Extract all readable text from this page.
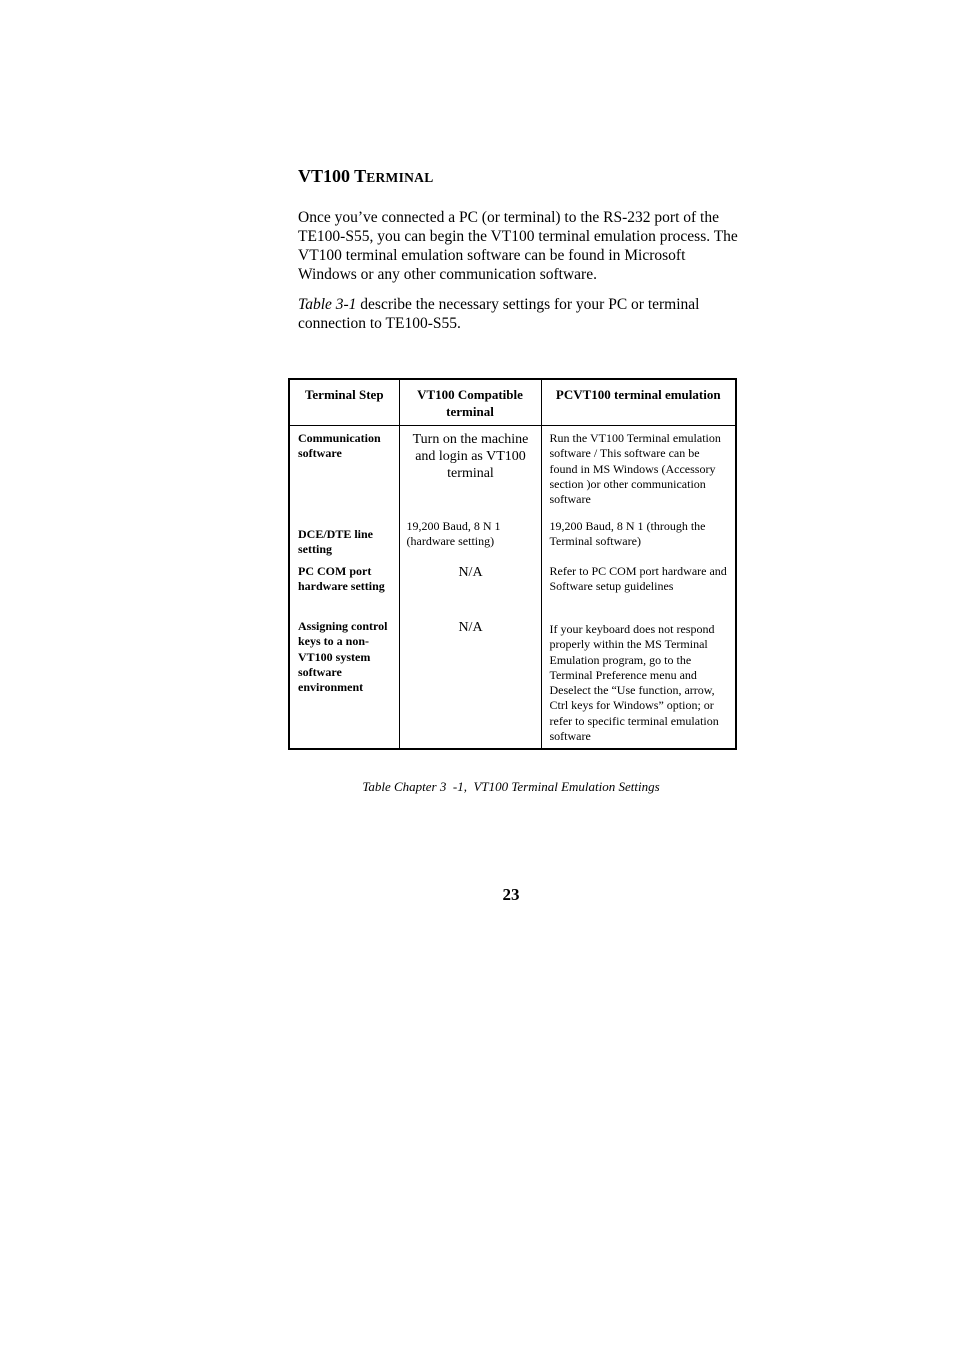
VT100 TERMINAL

Once you’ve connected a PC (or terminal) to the RS-232 port of the TE100-S55, you can begin the VT100 terminal emulation process. The VT100 terminal emulation software can be found in Microsoft Windows or any other communication software.

Table 3-1 describe the necessary settings for your PC or terminal connection to TE100-S55.

Terminal Step	VT100 Compatible terminal	PCVT100 terminal emulation
Communication software	Turn on the machine and login as VT100 terminal	Run the VT100 Terminal emulation software / This software can be found in MS Windows (Accessory section )or other communication software
DCE/DTE line setting	19,200 Baud, 8 N 1 (hardware setting)	19,200 Baud, 8 N 1 (through the Terminal software)
PC COM port hardware setting	N/A	Refer to PC COM port hardware and Software setup guidelines
Assigning control keys to a non-VT100 system software environment	N/A	If your keyboard does not respond properly within the MS Terminal Emulation program, go to the Terminal Preference menu and Deselect the “Use function, arrow, Ctrl keys for Windows” option; or refer to specific terminal emulation software
Table Chapter 3  -1,  VT100 Terminal Emulation Settings
23
